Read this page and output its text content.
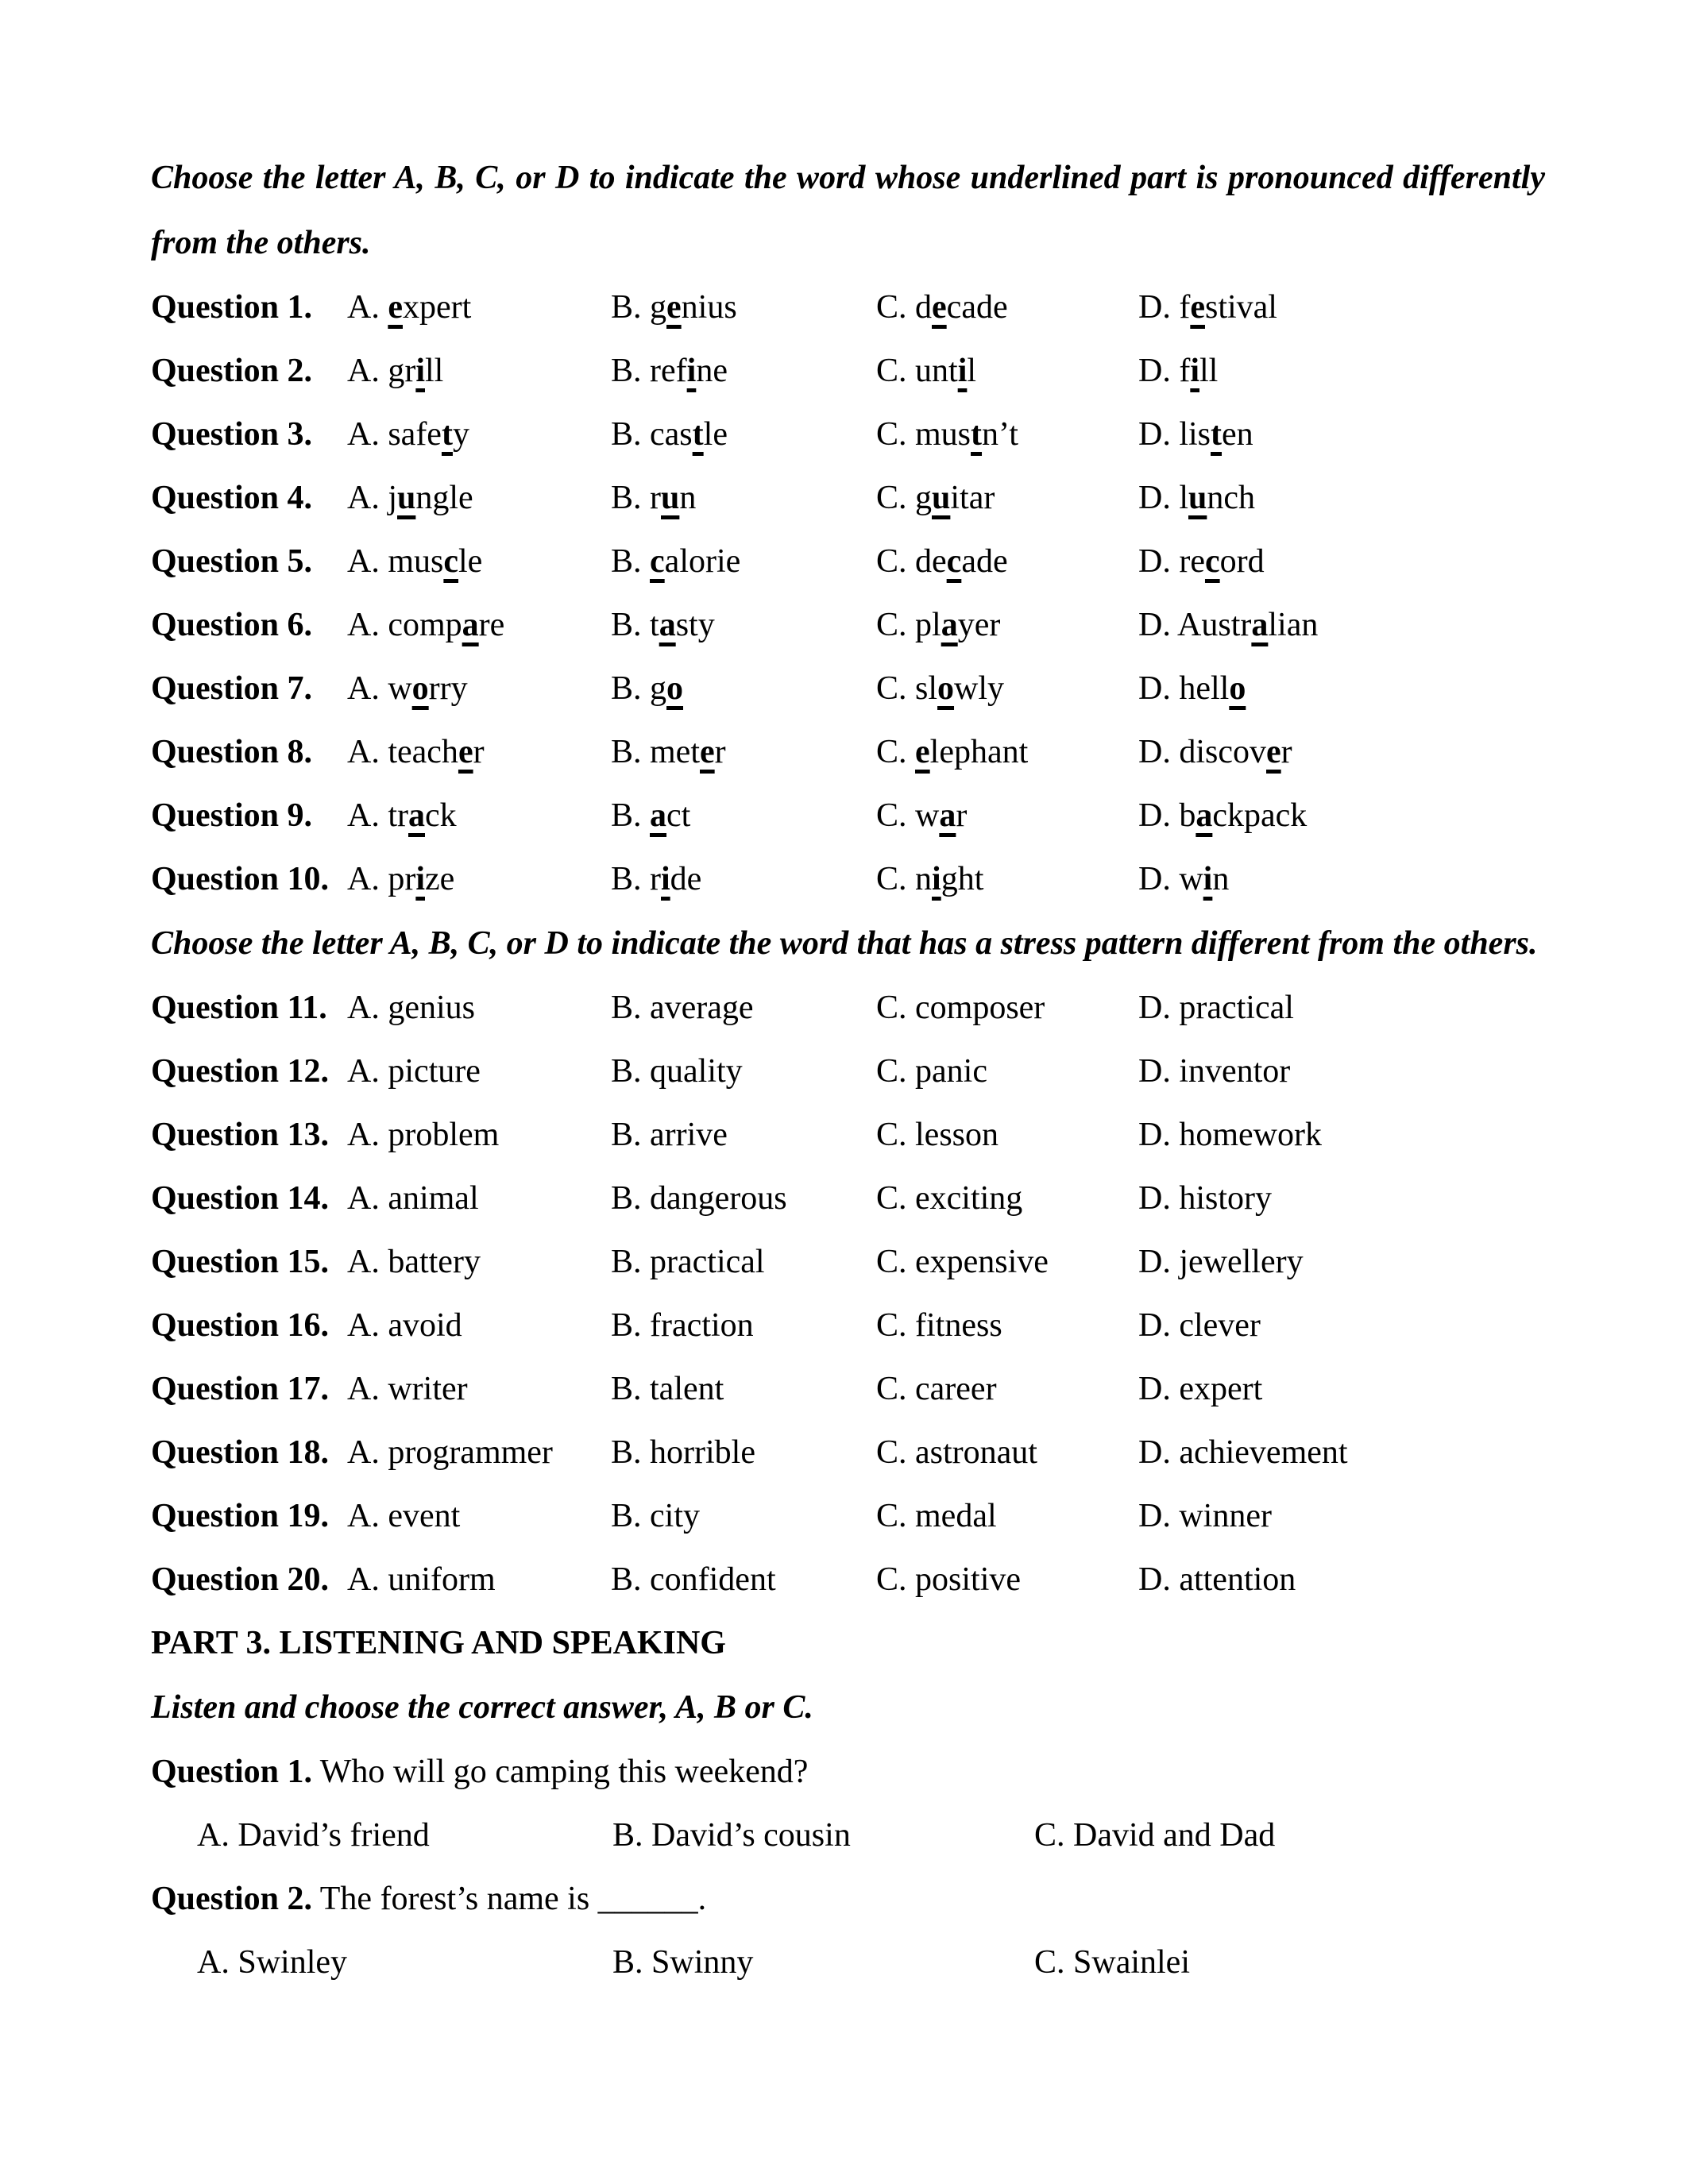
Choose the letter A, B, C, or D to indicate the word whose underlined part is pronounced differently from the others.

Question 1.	A. expert	B. genius	C. decade	D. festival
Question 2.	A. grill	B. refine	C. until	D. fill
Question 3.	A. safety	B. castle	C. mustn’t	D. listen
Question 4.	A. jungle	B. run	C. guitar	D. lunch
Question 5.	A. muscle	B. calorie	C. decade	D. record
Question 6.	A. compare	B. tasty	C. player	D. Australian
Question 7.	A. worry	B. go	C. slowly	D. hello
Question 8.	A. teacher	B. meter	C. elephant	D. discover
Question 9.	A. track	B. act	C. war	D. backpack
Question 10. A. prize	B. ride	C. night	D. win

Choose the letter A, B, C, or D to indicate the word that has a stress pattern different from the others.

Question 11. A. genius	B. average	C. composer	D. practical
Question 12. A. picture	B. quality	C. panic	D. inventor
Question 13. A. problem	B. arrive	C. lesson	D. homework
Question 14. A. animal	B. dangerous	C. exciting	D. history
Question 15. A. battery	B. practical	C. expensive	D. jewellery
Question 16. A. avoid	B. fraction	C. fitness	D. clever
Question 17. A. writer	B. talent	C. career	D. expert
Question 18. A. programmer	B. horrible	C. astronaut	D. achievement
Question 19. A. event	B. city	C. medal	D. winner
Question 20. A. uniform	B. confident	C. positive	D. attention

PART 3. LISTENING AND SPEAKING

Listen and choose the correct answer, A, B or C.

Question 1. Who will go camping this weekend?
A. David’s friend	B. David’s cousin	C. David and Dad
Question 2. The forest’s name is ______.
A. Swinley	B. Swinny	C. Swainlei
